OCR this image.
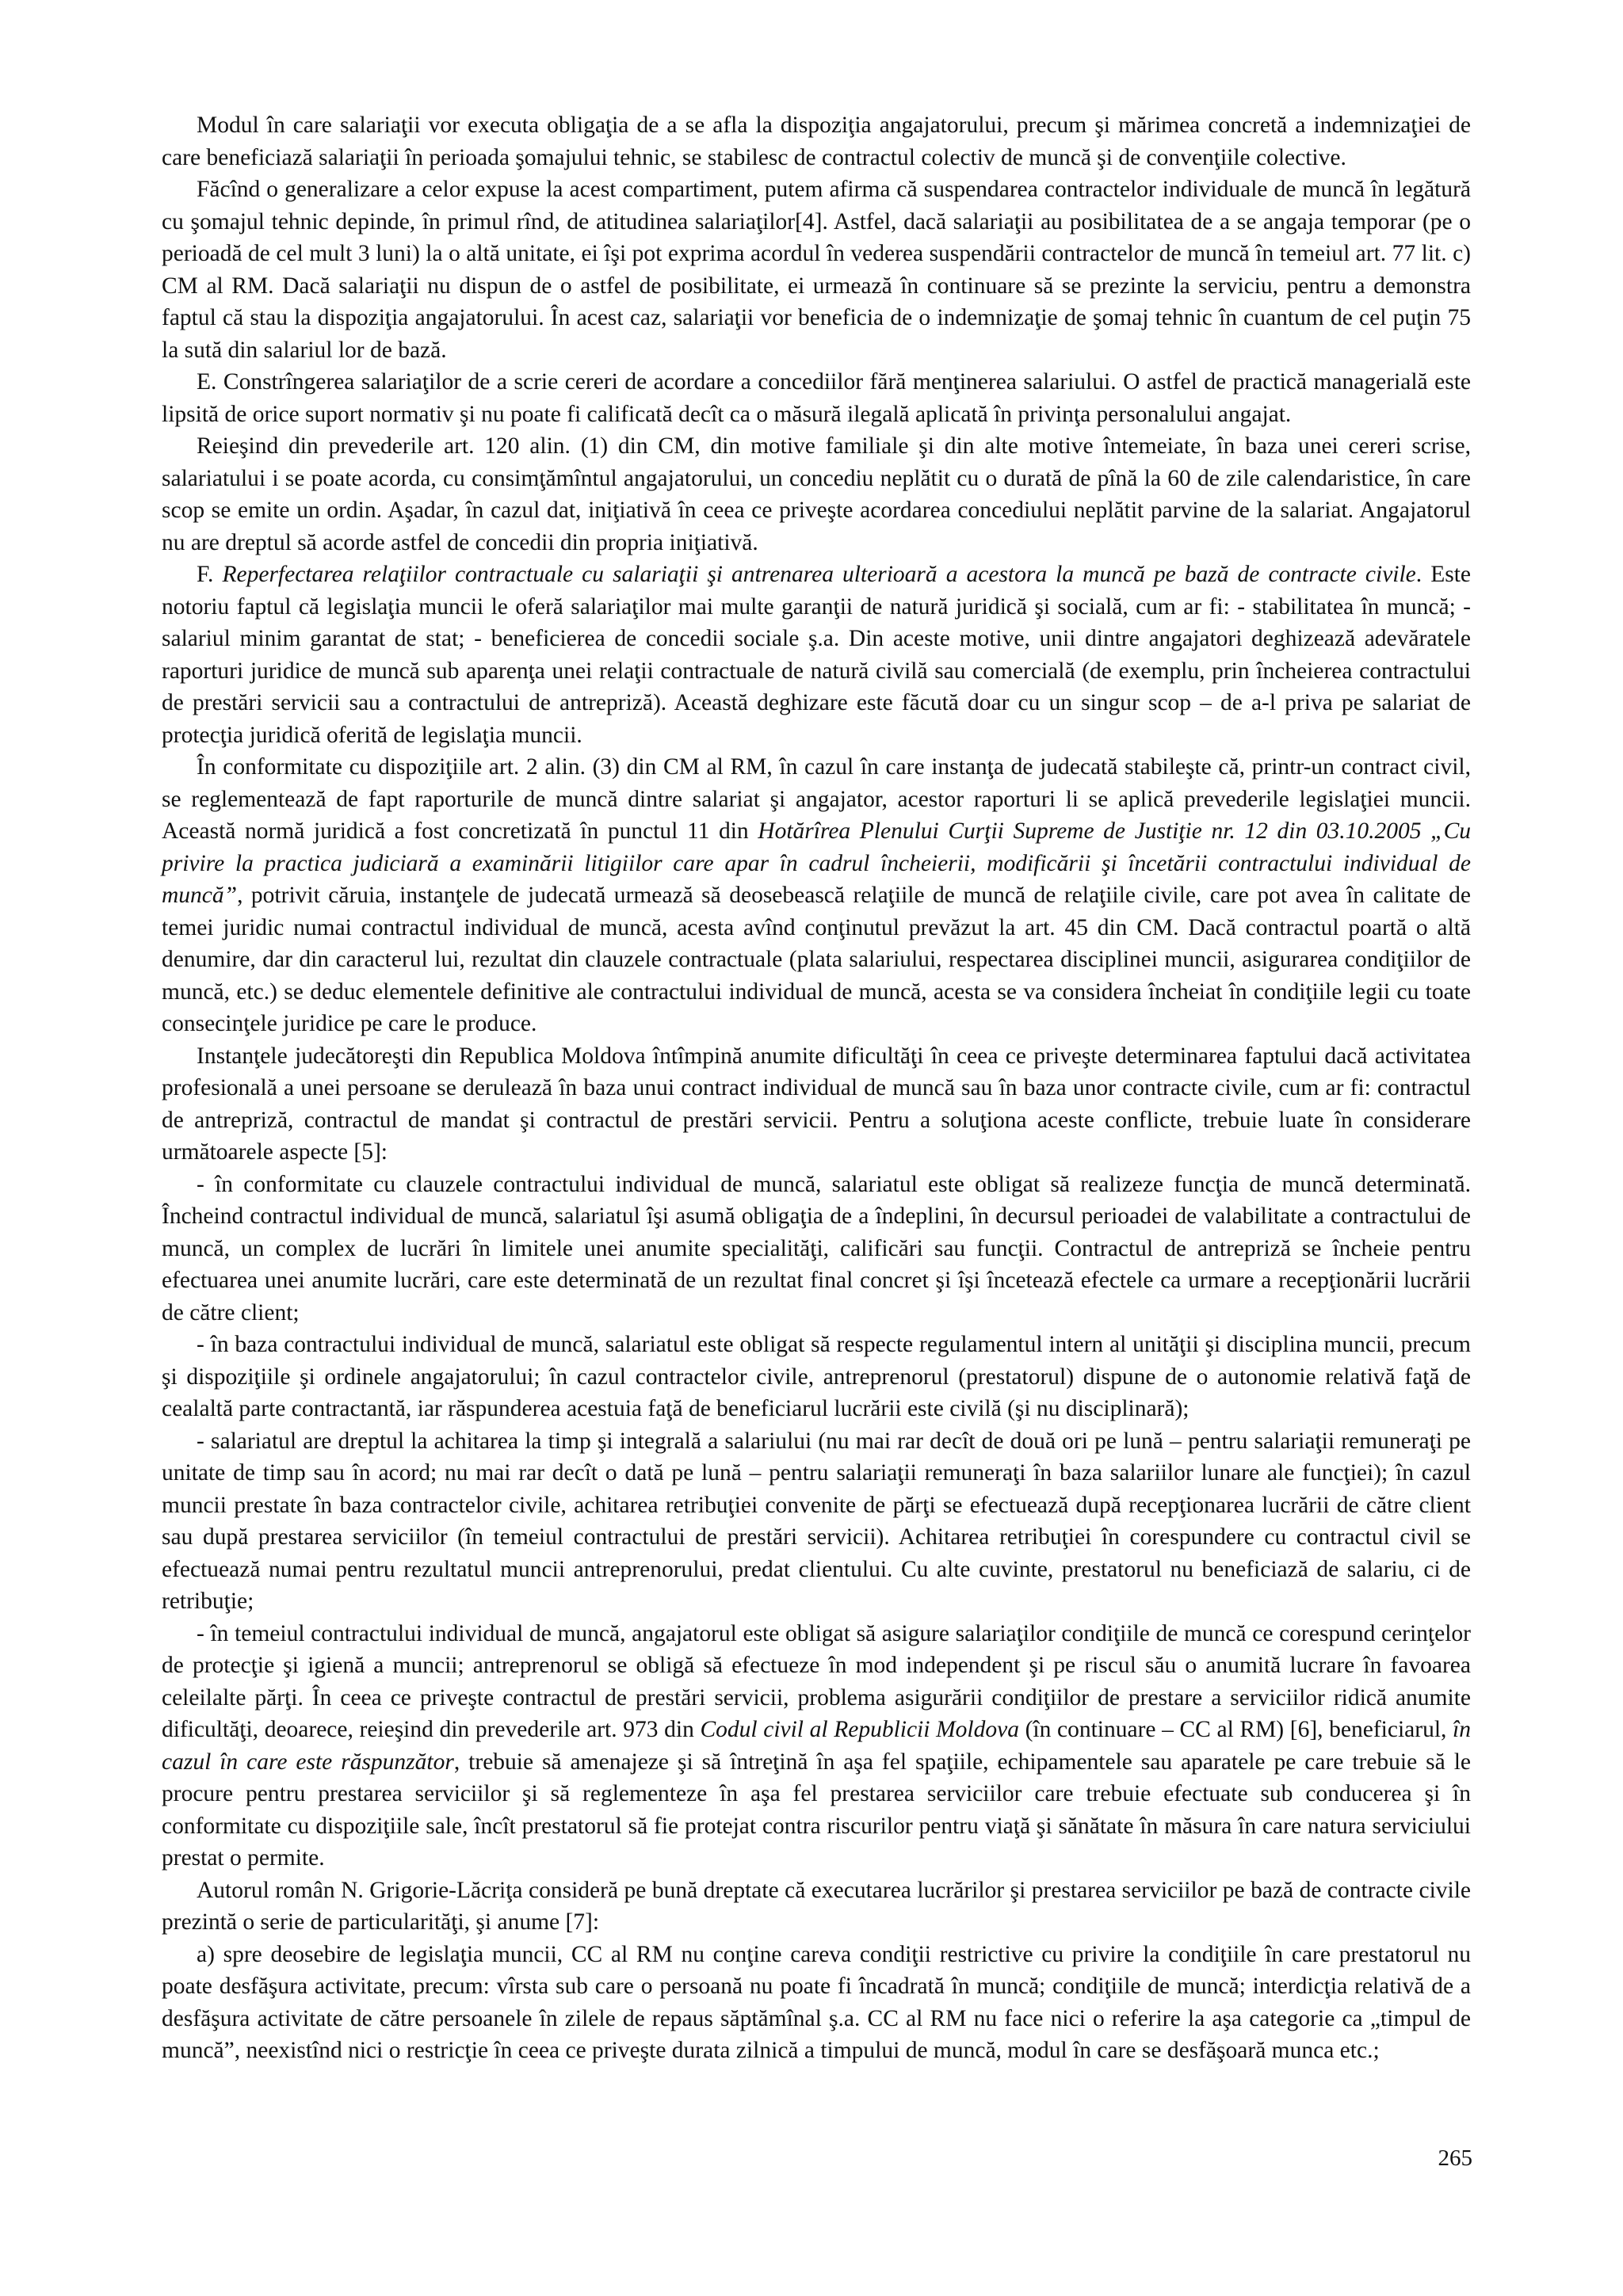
Modul în care salariaţii vor executa obligaţia de a se afla la dispoziţia angajatorului, precum şi mărimea concretă a indemnizaţiei de care beneficiază salariaţii în perioada şomajului tehnic, se stabilesc de contractul colectiv de muncă şi de convenţiile colective.

Făcînd o generalizare a celor expuse la acest compartiment, putem afirma că suspendarea contractelor individuale de muncă în legătură cu şomajul tehnic depinde, în primul rînd, de atitudinea salariaţilor[4]. Astfel, dacă salariaţii au posibilitatea de a se angaja temporar (pe o perioadă de cel mult 3 luni) la o altă unitate, ei îşi pot exprima acordul în vederea suspendării contractelor de muncă în temeiul art. 77 lit. c) CM al RM. Dacă salariaţii nu dispun de o astfel de posibilitate, ei urmează în continuare să se prezinte la serviciu, pentru a demonstra faptul că stau la dispoziţia angajatorului. În acest caz, salariaţii vor beneficia de o indemnizaţie de şomaj tehnic în cuantum de cel puţin 75 la sută din salariul lor de bază.

E. Constrîngerea salariaţilor de a scrie cereri de acordare a concediilor fără menţinerea salariului. O astfel de practică managerială este lipsită de orice suport normativ şi nu poate fi calificată decît ca o măsură ilegală aplicată în privinţa personalului angajat.

Reieşind din prevederile art. 120 alin. (1) din CM, din motive familiale şi din alte motive întemeiate, în baza unei cereri scrise, salariatului i se poate acorda, cu consimţămîntul angajatorului, un concediu neplătit cu o durată de pînă la 60 de zile calendaristice, în care scop se emite un ordin. Aşadar, în cazul dat, iniţiativă în ceea ce priveşte acordarea concediului neplătit parvine de la salariat. Angajatorul nu are dreptul să acorde astfel de concedii din propria iniţiativă.

F. Reperfectarea relaţiilor contractuale cu salariaţii şi antrenarea ulterioară a acestora la muncă pe bază de contracte civile. Este notoriu faptul că legislaţia muncii le oferă salariaţilor mai multe garanţii de natură juridică şi socială, cum ar fi: - stabilitatea în muncă; - salariul minim garantat de stat; - beneficierea de concedii sociale ş.a. Din aceste motive, unii dintre angajatori deghizează adevăratele raporturi juridice de muncă sub aparenţa unei relaţii contractuale de natură civilă sau comercială (de exemplu, prin încheierea contractului de prestări servicii sau a contractului de antrepriză). Această deghizare este făcută doar cu un singur scop – de a-l priva pe salariat de protecţia juridică oferită de legislaţia muncii.

În conformitate cu dispoziţiile art. 2 alin. (3) din CM al RM, în cazul în care instanţa de judecată stabileşte că, printr-un contract civil, se reglementează de fapt raporturile de muncă dintre salariat şi angajator, acestor raporturi li se aplică prevederile legislaţiei muncii. Această normă juridică a fost concretizată în punctul 11 din Hotărîrea Plenului Curţii Supreme de Justiţie nr. 12 din 03.10.2005 „Cu privire la practica judiciară a examinării litigiilor care apar în cadrul încheierii, modificării şi încetării contractului individual de muncă”, potrivit căruia, instanţele de judecată urmează să deosebească relaţiile de muncă de relaţiile civile, care pot avea în calitate de temei juridic numai contractul individual de muncă, acesta avînd conţinutul prevăzut la art. 45 din CM. Dacă contractul poartă o altă denumire, dar din caracterul lui, rezultat din clauzele contractuale (plata salariului, respectarea disciplinei muncii, asigurarea condiţiilor de muncă, etc.) se deduc elementele definitive ale contractului individual de muncă, acesta se va considera încheiat în condiţiile legii cu toate consecinţele juridice pe care le produce.

Instanţele judecătoreşti din Republica Moldova întîmpină anumite dificultăţi în ceea ce priveşte determinarea faptului dacă activitatea profesională a unei persoane se derulează în baza unui contract individual de muncă sau în baza unor contracte civile, cum ar fi: contractul de antrepriză, contractul de mandat şi contractul de prestări servicii. Pentru a soluţiona aceste conflicte, trebuie luate în considerare următoarele aspecte [5]:

- în conformitate cu clauzele contractului individual de muncă, salariatul este obligat să realizeze funcţia de muncă determinată. Încheind contractul individual de muncă, salariatul îşi asumă obligaţia de a îndeplini, în decursul perioadei de valabilitate a contractului de muncă, un complex de lucrări în limitele unei anumite specialităţi, calificări sau funcţii. Contractul de antrepriză se încheie pentru efectuarea unei anumite lucrări, care este determinată de un rezultat final concret şi îşi încetează efectele ca urmare a recepţionării lucrării de către client;

- în baza contractului individual de muncă, salariatul este obligat să respecte regulamentul intern al unităţii şi disciplina muncii, precum şi dispoziţiile şi ordinele angajatorului; în cazul contractelor civile, antreprenorul (prestatorul) dispune de o autonomie relativă faţă de cealaltă parte contractantă, iar răspunderea acestuia faţă de beneficiarul lucrării este civilă (şi nu disciplinară);

- salariatul are dreptul la achitarea la timp şi integrală a salariului (nu mai rar decît de două ori pe lună – pentru salariaţii remuneraţi pe unitate de timp sau în acord; nu mai rar decît o dată pe lună – pentru salariaţii remuneraţi în baza salariilor lunare ale funcţiei); în cazul muncii prestate în baza contractelor civile, achitarea retribuţiei convenite de părţi se efectuează după recepţionarea lucrării de către client sau după prestarea serviciilor (în temeiul contractului de prestări servicii). Achitarea retribuţiei în corespundere cu contractul civil se efectuează numai pentru rezultatul muncii antreprenorului, predat clientului. Cu alte cuvinte, prestatorul nu beneficiază de salariu, ci de retribuţie;

- în temeiul contractului individual de muncă, angajatorul este obligat să asigure salariaţilor condiţiile de muncă ce corespund cerinţelor de protecţie şi igienă a muncii; antreprenorul se obligă să efectueze în mod independent şi pe riscul său o anumită lucrare în favoarea celeilalte părţi. În ceea ce priveşte contractul de prestări servicii, problema asigurării condiţiilor de prestare a serviciilor ridică anumite dificultăţi, deoarece, reieşind din prevederile art. 973 din Codul civil al Republicii Moldova (în continuare – CC al RM) [6], beneficiarul, în cazul în care este răspunzător, trebuie să amenajeze şi să întreţină în aşa fel spaţiile, echipamentele sau aparatele pe care trebuie să le procure pentru prestarea serviciilor şi să reglementeze în aşa fel prestarea serviciilor care trebuie efectuate sub conducerea şi în conformitate cu dispoziţiile sale, încît prestatorul să fie protejat contra riscurilor pentru viaţă şi sănătate în măsura în care natura serviciului prestat o permite.

Autorul român N. Grigorie-Lăcriţa consideră pe bună dreptate că executarea lucrărilor şi prestarea serviciilor pe bază de contracte civile prezintă o serie de particularităţi, şi anume [7]:

a) spre deosebire de legislaţia muncii, CC al RM nu conţine careva condiţii restrictive cu privire la condiţiile în care prestatorul nu poate desfăşura activitate, precum: vîrsta sub care o persoană nu poate fi încadrată în muncă; condiţiile de muncă; interdicţia relativă de a desfăşura activitate de către persoanele în zilele de repaus săptămînal ş.a. CC al RM nu face nici o referire la aşa categorie ca „timpul de muncă”, neexistînd nici o restricţie în ceea ce priveşte durata zilnică a timpului de muncă, modul în care se desfăşoară munca etc.;

265
